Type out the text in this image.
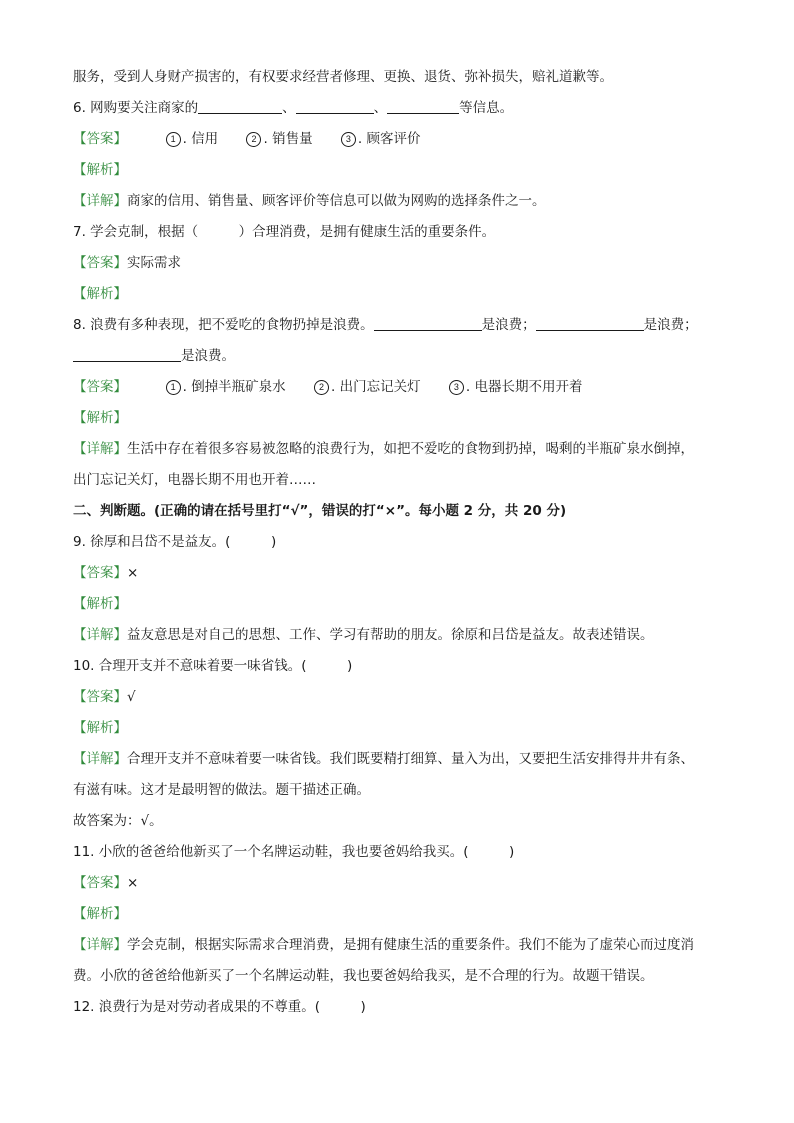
服务，受到人身财产损害的，有权要求经营者修理、更换、退货、弥补损失，赔礼道歉等。
6. 网购要关注商家的	、	、	等信息。
【答案】	1 . 信用	2 . 销售量	3 . 顾客评价
【解析】
【详解】商家的信用、销售量、顾客评价等信息可以做为网购的选择条件之一。
7. 学会克制，根据（　　　）合理消费，是拥有健康生活的重要条件。
【答案】实际需求
【解析】
8. 浪费有多种表现，把不爱吃的食物扔掉是浪费。	是浪费；	是浪费；
是浪费。
【答案】	1 . 倒掉半瓶矿泉水	2 . 出门忘记关灯	3 . 电器长期不用开着
【解析】
【详解】生活中存在着很多容易被忽略的浪费行为，如把不爱吃的食物到扔掉，喝剩的半瓶矿泉水倒掉，
出门忘记关灯，电器长期不用也开着……
二、判断题。(正确的请在括号里打“√”，错误的打“×”。每小题 2 分，共 20 分)
9. 徐厚和吕岱不是益友。(　　　)
【答案】×
【解析】
【详解】益友意思是对自己的思想、工作、学习有帮助的朋友。徐原和吕岱是益友。故表述错误。
10. 合理开支并不意味着要一味省钱。(　　　)
【答案】√
【解析】
【详解】合理开支并不意味着要一味省钱。我们既要精打细算、量入为出，又要把生活安排得井井有条、
有滋有味。这才是最明智的做法。题干描述正确。
故答案为：√。
11. 小欣的爸爸给他新买了一个名牌运动鞋，我也要爸妈给我买。(　　　)
【答案】×
【解析】
【详解】学会克制，根据实际需求合理消费，是拥有健康生活的重要条件。我们不能为了虚荣心而过度消
费。小欣的爸爸给他新买了一个名牌运动鞋，我也要爸妈给我买，是不合理的行为。故题干错误。
12. 浪费行为是对劳动者成果的不尊重。(　　　)
